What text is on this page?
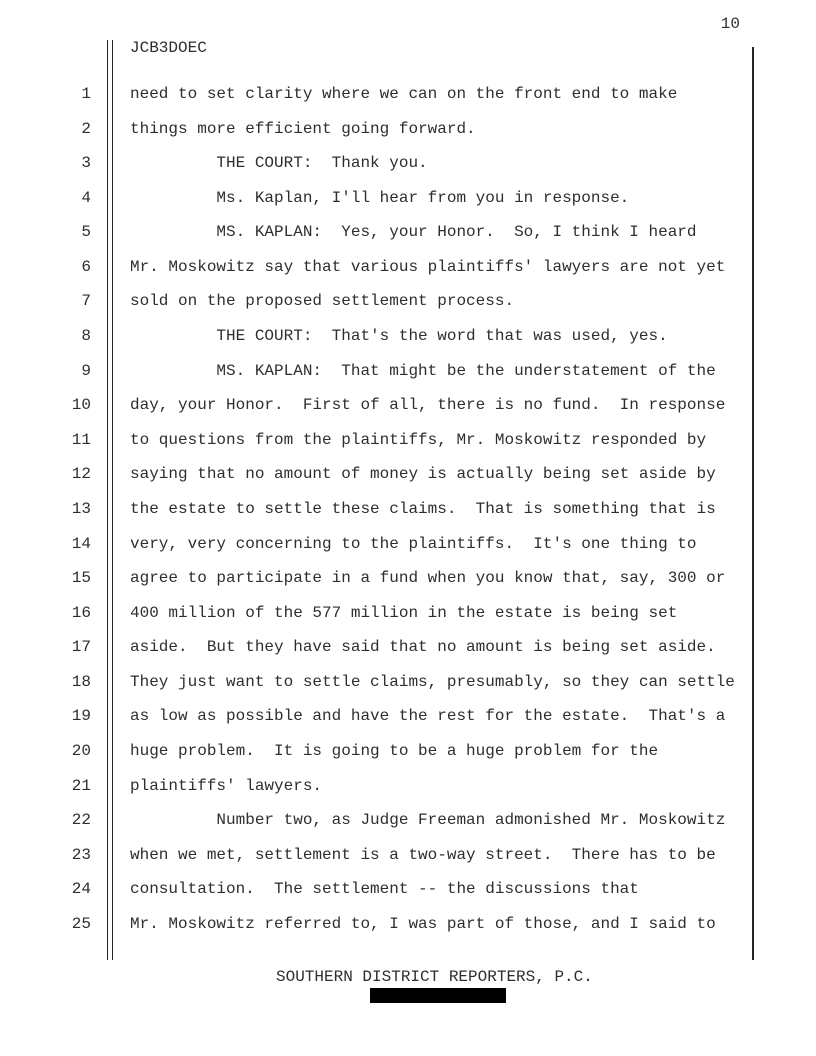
10
JCB3DOEC
1 need to set clarity where we can on the front end to make
2 things more efficient going forward.
3 THE COURT:  Thank you.
4 Ms. Kaplan, I'll hear from you in response.
5 MS. KAPLAN:  Yes, your Honor.  So, I think I heard
6 Mr. Moskowitz say that various plaintiffs' lawyers are not yet
7 sold on the proposed settlement process.
8 THE COURT:  That's the word that was used, yes.
9 MS. KAPLAN:  That might be the understatement of the
10 day, your Honor.  First of all, there is no fund.  In response
11 to questions from the plaintiffs, Mr. Moskowitz responded by
12 saying that no amount of money is actually being set aside by
13 the estate to settle these claims.  That is something that is
14 very, very concerning to the plaintiffs.  It's one thing to
15 agree to participate in a fund when you know that, say, 300 or
16 400 million of the 577 million in the estate is being set
17 aside.  But they have said that no amount is being set aside.
18 They just want to settle claims, presumably, so they can settle
19 as low as possible and have the rest for the estate.  That's a
20 huge problem.  It is going to be a huge problem for the
21 plaintiffs' lawyers.
22 Number two, as Judge Freeman admonished Mr. Moskowitz
23 when we met, settlement is a two-way street.  There has to be
24 consultation.  The settlement -- the discussions that
25 Mr. Moskowitz referred to, I was part of those, and I said to
SOUTHERN DISTRICT REPORTERS, P.C.
